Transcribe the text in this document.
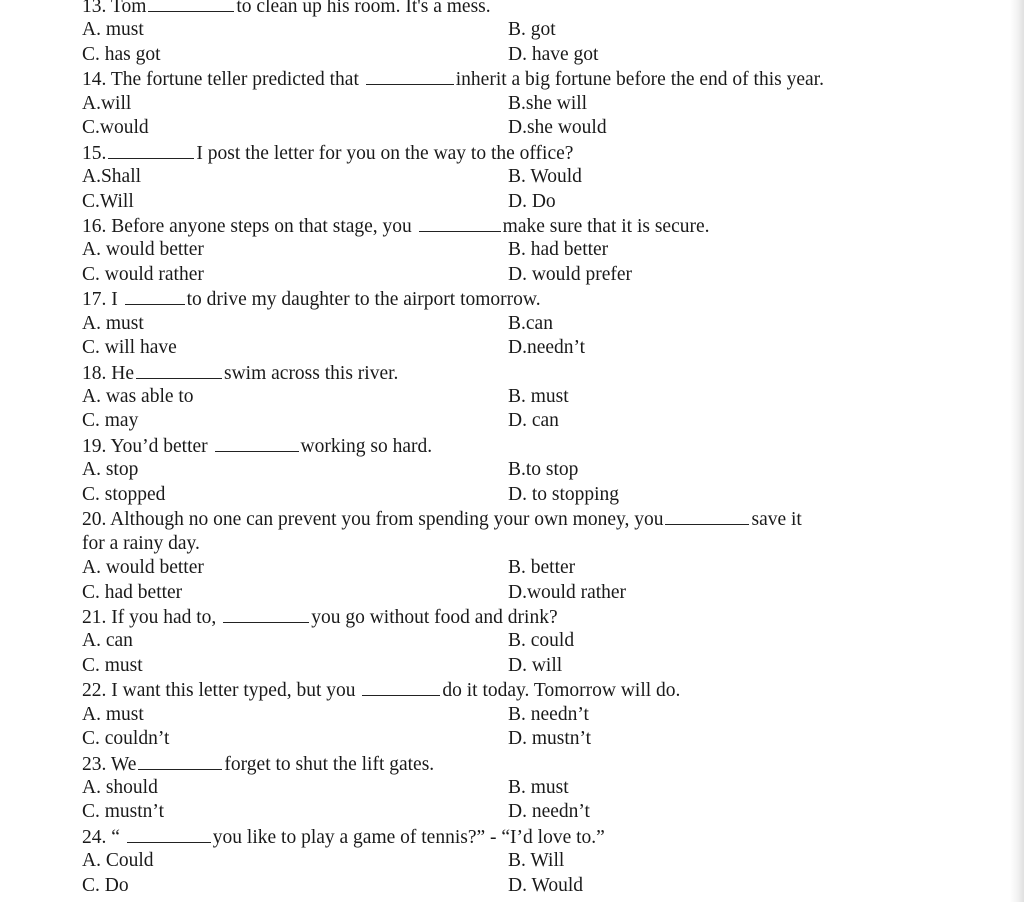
13. Tom	to clean up his room. It's a mess.
A. must	B. got
C. has got	D. have got
14. The fortune teller predicted that	inherit a big fortune before the end of this year.
A.will	B.she will
C.would	D.she would
15.	I post the letter for you on the way to the office?
A.Shall	B. Would
C.Will	D. Do
16. Before anyone steps on that stage, you	make sure that it is secure.
A. would better	B. had better
C. would rather	D. would prefer
17. I	to drive my daughter to the airport tomorrow.
A. must	B.can
C. will have	D.needn’t
18. He	swim across this river.
A. was able to	B. must
C. may	D. can
19. You’d better	working so hard.
A. stop	B.to stop
C. stopped	D. to stopping
20. Although no one can prevent you from spending your own money, you	save it
for a rainy day.
A. would better	B. better
C. had better	D.would rather
21. If you had to,	you go without food and drink?
A. can	B. could
C. must	D. will
22. I want this letter typed, but you	do it today. Tomorrow will do.
A. must	B. needn’t
C. couldn’t	D. mustn’t
23. We	forget to shut the lift gates.
A. should	B. must
C. mustn’t	D. needn’t
24. “	you like to play a game of tennis?” - “I’d love to.”
A. Could	B. Will
C. Do	D. Would
